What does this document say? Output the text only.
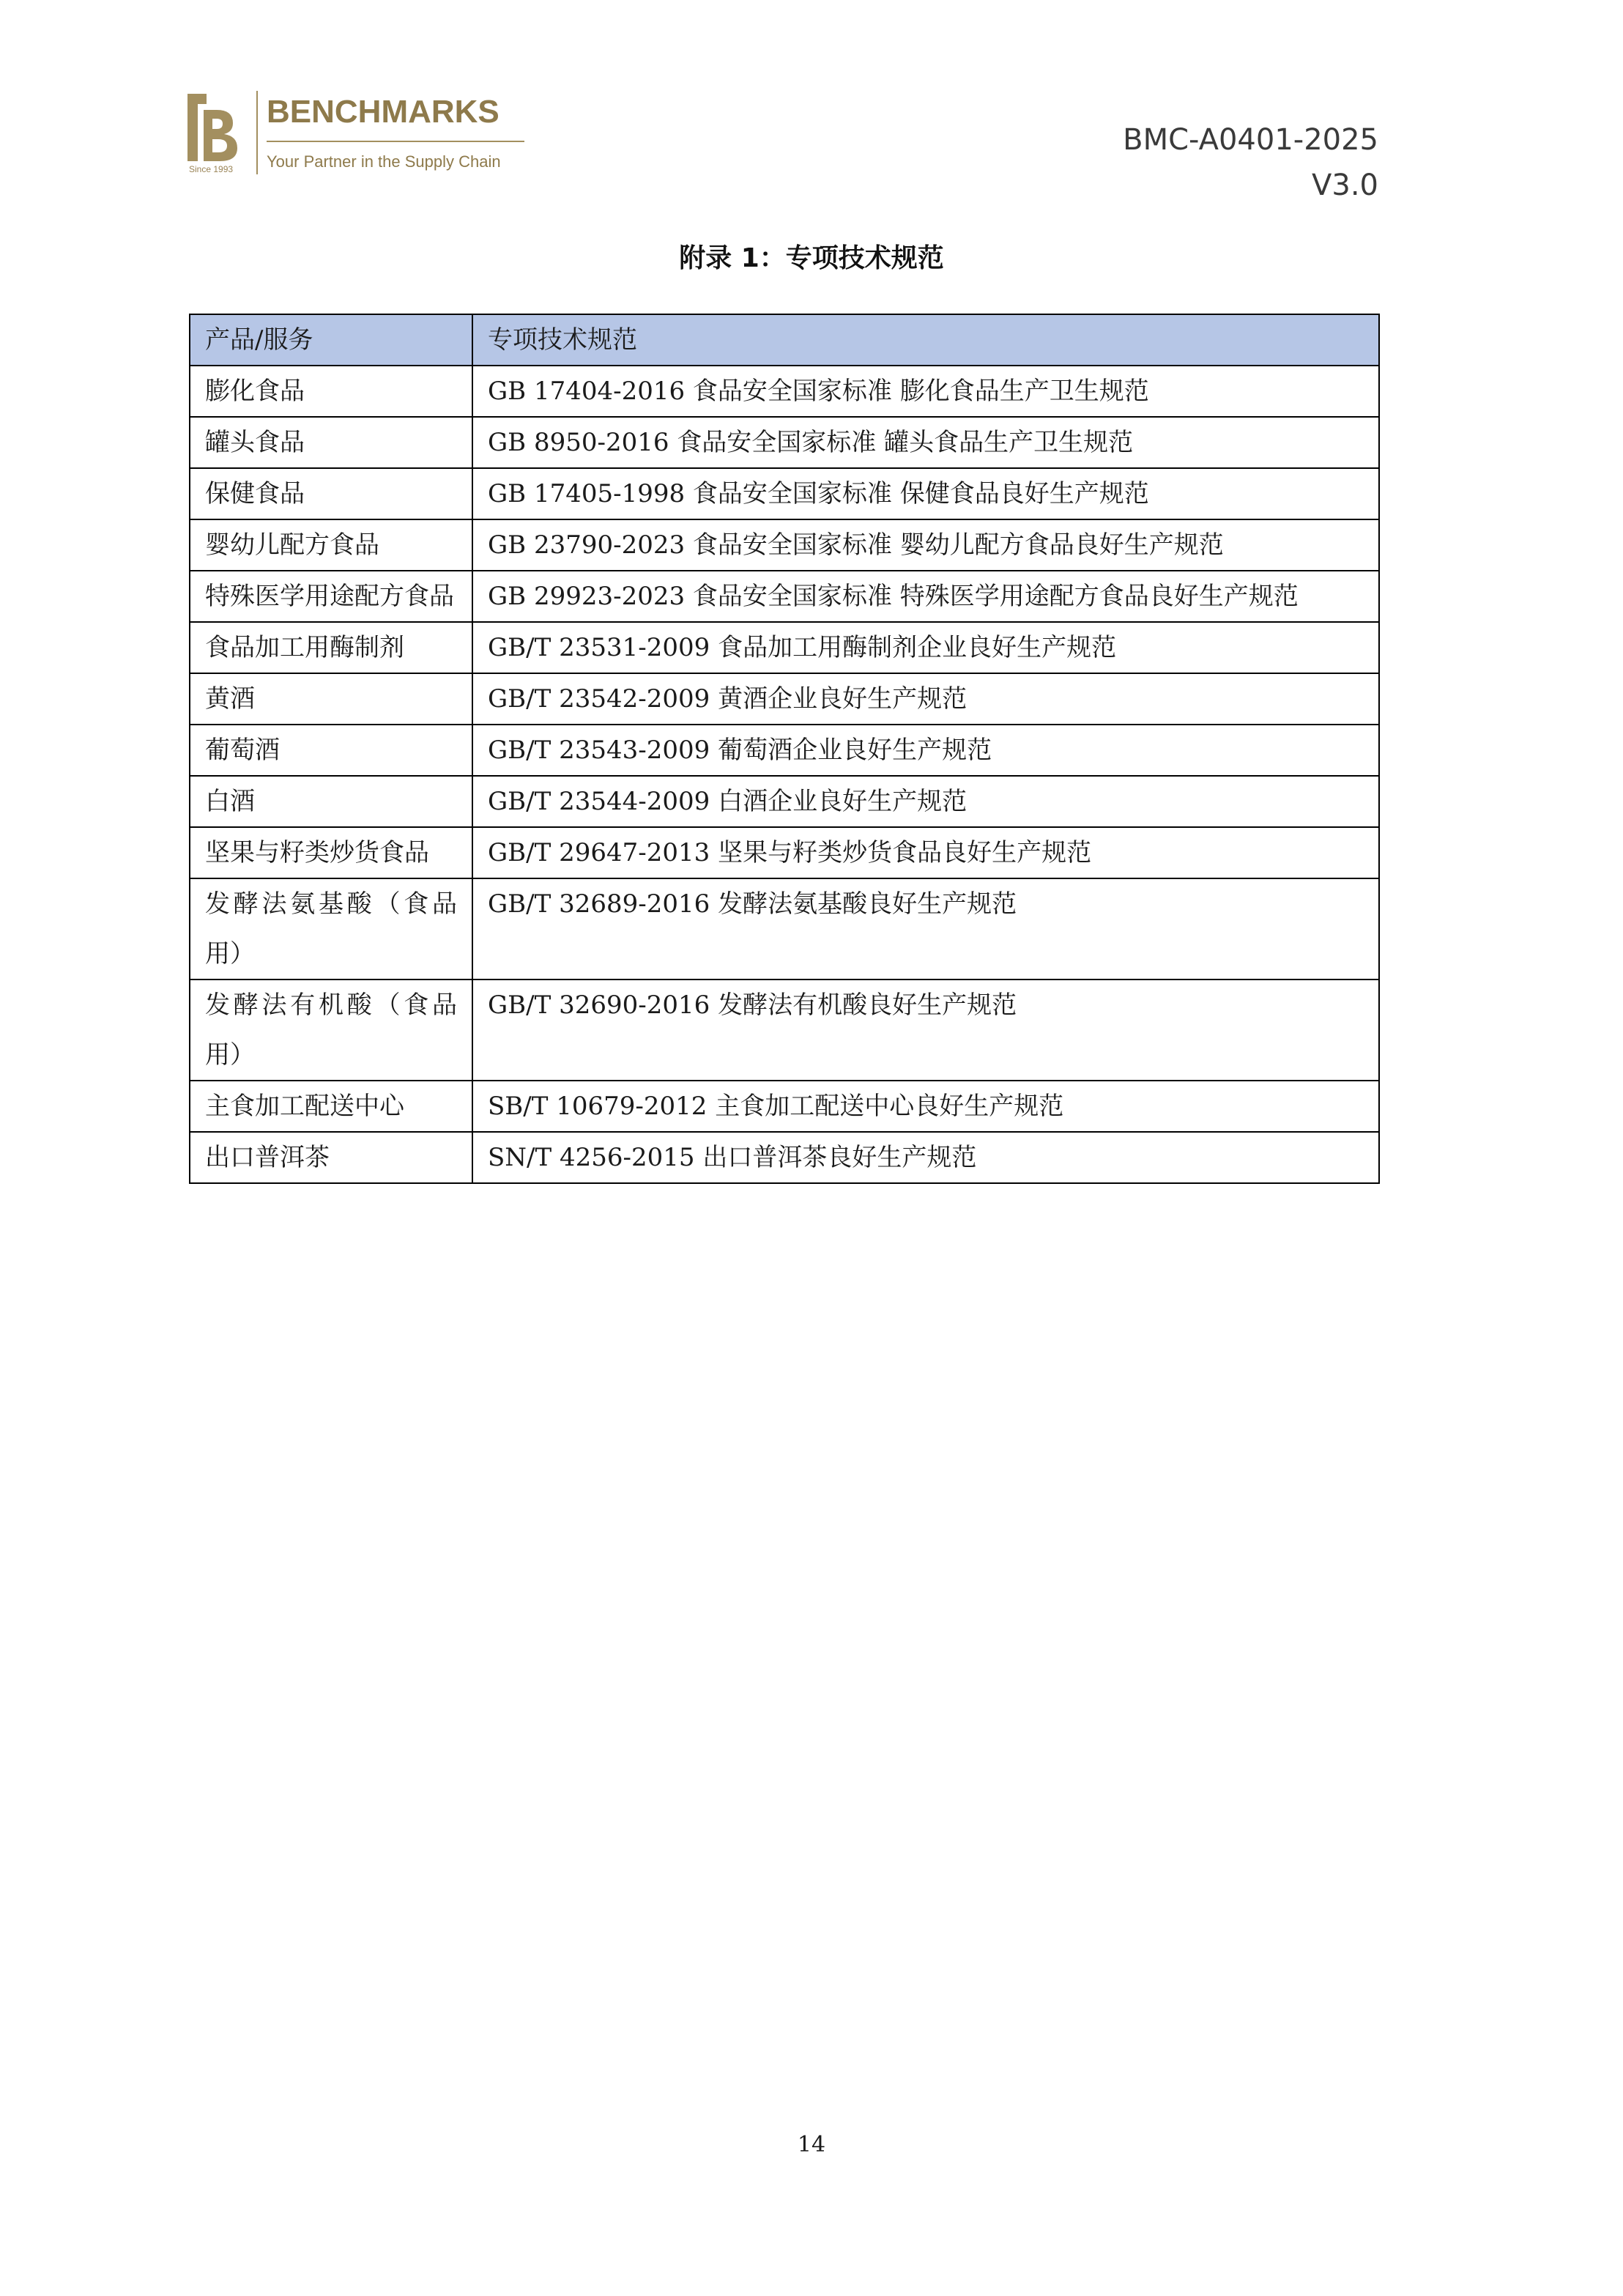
Since 1993
BENCHMARKS
Your Partner in the Supply Chain
BMC-A0401-2025
V3.0
附录 1：专项技术规范
产品/服务	专项技术规范
膨化食品	GB 17404-2016 食品安全国家标准 膨化食品生产卫生规范
罐头食品	GB 8950-2016 食品安全国家标准 罐头食品生产卫生规范
保健食品	GB 17405-1998 食品安全国家标准 保健食品良好生产规范
婴幼儿配方食品	GB 23790-2023 食品安全国家标准 婴幼儿配方食品良好生产规范
特殊医学用途配方食品	GB 29923-2023 食品安全国家标准 特殊医学用途配方食品良好生产规范
食品加工用酶制剂	GB/T 23531-2009 食品加工用酶制剂企业良好生产规范
黄酒	GB/T 23542-2009 黄酒企业良好生产规范
葡萄酒	GB/T 23543-2009 葡萄酒企业良好生产规范
白酒	GB/T 23544-2009 白酒企业良好生产规范
坚果与籽类炒货食品	GB/T 29647-2013 坚果与籽类炒货食品良好生产规范
发酵法氨基酸（食品用）	GB/T 32689-2016 发酵法氨基酸良好生产规范
发酵法有机酸（食品用）	GB/T 32690-2016 发酵法有机酸良好生产规范
主食加工配送中心	SB/T 10679-2012 主食加工配送中心良好生产规范
出口普洱茶	SN/T 4256-2015 出口普洱茶良好生产规范
14
